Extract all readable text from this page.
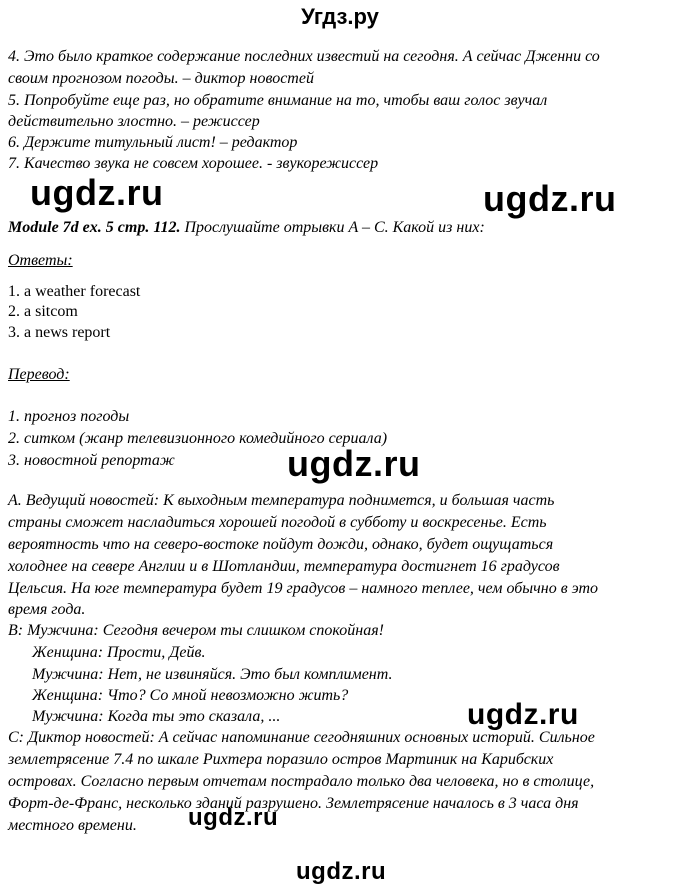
Угдз.ру
4. Это было краткое содержание последних известий на сегодня. А сейчас Дженни со
своим прогнозом погоды. – диктор новостей
5. Попробуйте еще раз, но обратите внимание на то, чтобы ваш голос звучал
действительно злостно. – режиссер
6. Держите титульный лист! – редактор
7. Качество звука не совсем хорошее. - звукорежиссер
ugdz.ru	ugdz.ru
Module 7d ex. 5 стр. 112. Прослушайте отрывки A – C. Какой из них:
Ответы:
1. a weather forecast
2. a sitcom
3. a news report
Перевод:
1. прогноз погоды
2. ситком (жанр телевизионного комедийного сериала)
3. новостной репортаж	ugdz.ru
A. Ведущий новостей: К выходным температура поднимется, и большая часть
страны сможет насладиться хорошей погодой в субботу и воскресенье. Есть
вероятность что на северо-востоке пойдут дожди, однако, будет ощущаться
холоднее на севере Англии и в Шотландии, температура достигнет 16 градусов
Цельсия. На юге температура будет 19 градусов – намного теплее, чем обычно в это
время года.
B: Мужчина: Сегодня вечером ты слишком спокойная!
Женщина: Прости, Дейв.
Мужчина: Нет, не извиняйся. Это был комплимент.
Женщина: Что? Со мной невозможно жить?
Мужчина: Когда ты это сказала, ...	ugdz.ru
C: Диктор новостей: А сейчас напоминание сегодняшних основных историй. Сильное
землетрясение 7.4 по шкале Рихтера поразило остров Мартиник на Карибских
островах. Согласно первым отчетам пострадало только два человека, но в столице,
Форт-де-Франс, несколько зданий разрушено. Землетрясение началось в 3 часа дня
местного времени. ugdz.ru
ugdz.ru
